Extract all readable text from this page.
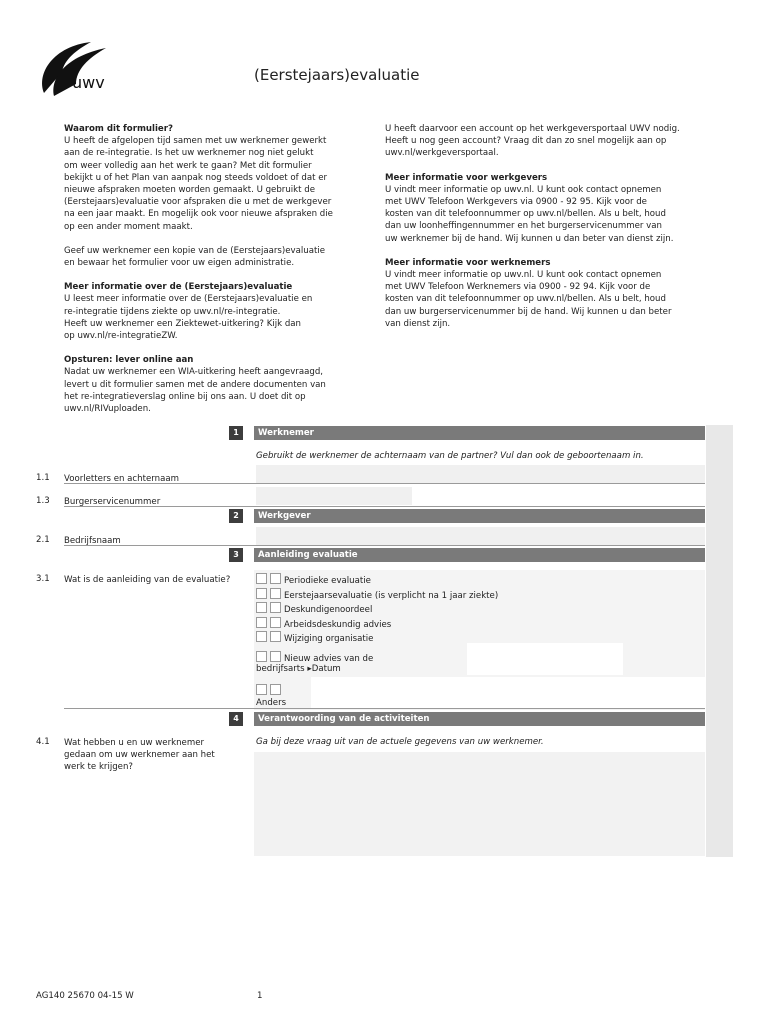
uwv	(Eerstejaars)evaluatie

Waarom dit formulier?
U heeft de afgelopen tijd samen met uw werknemer gewerkt
aan de re-integratie. Is het uw werknemer nog niet gelukt
om weer volledig aan het werk te gaan? Met dit formulier
bekijkt u of het Plan van aanpak nog steeds voldoet of dat er
nieuwe afspraken moeten worden gemaakt. U gebruikt de
(Eerstejaars)evaluatie voor afspraken die u met de werkgever
na een jaar maakt. En mogelijk ook voor nieuwe afspraken die
op een ander moment maakt.

Geef uw werknemer een kopie van de (Eerstejaars)evaluatie
en bewaar het formulier voor uw eigen administratie.

Meer informatie over de (Eerstejaars)evaluatie
U leest meer informatie over de (Eerstejaars)evaluatie en
re-integratie tijdens ziekte op uwv.nl/re-integratie.
Heeft uw werknemer een Ziektewet-uitkering? Kijk dan
op uwv.nl/re-integratieZW.

Opsturen: lever online aan
Nadat uw werknemer een WIA-uitkering heeft aangevraagd,
levert u dit formulier samen met de andere documenten van
het re-integratieverslag online bij ons aan. U doet dit op
uwv.nl/RIVuploaden.

U heeft daarvoor een account op het werkgeversportaal UWV nodig.
Heeft u nog geen account? Vraag dit dan zo snel mogelijk aan op
uwv.nl/werkgeversportaal.

Meer informatie voor werkgevers
U vindt meer informatie op uwv.nl. U kunt ook contact opnemen
met UWV Telefoon Werkgevers via 0900 - 92 95. Kijk voor de
kosten van dit telefoonnummer op uwv.nl/bellen. Als u belt, houd
dan uw loonheffingennummer en het burgerservicenummer van
uw werknemer bij de hand. Wij kunnen u dan beter van dienst zijn.

Meer informatie voor werknemers
U vindt meer informatie op uwv.nl. U kunt ook contact opnemen
met UWV Telefoon Werknemers via 0900 - 92 94. Kijk voor de
kosten van dit telefoonnummer op uwv.nl/bellen. Als u belt, houd
dan uw burgerservicenummer bij de hand. Wij kunnen u dan beter
van dienst zijn.

1	Werknemer
Gebruikt de werknemer de achternaam van de partner? Vul dan ook de geboortenaam in.
1.1 Voorletters en achternaam
1.3 Burgerservicenummer
2	Werkgever
2.1 Bedrijfsnaam
3	Aanleiding evaluatie
3.1 Wat is de aanleiding van de evaluatie?	Periodieke evaluatie
Eerstejaarsevaluatie (is verplicht na 1 jaar ziekte)
Deskundigenoordeel
Arbeidsdeskundig advies
Wijziging organisatie
Nieuw advies van de
bedrijfsarts ▸Datum
Anders
4	Verantwoording van de activiteiten
Ga bij deze vraag uit van de actuele gegevens van uw werknemer.
4.1 Wat hebben u en uw werknemer
gedaan om uw werknemer aan het
werk te krijgen?
AG140 25670 04-15 W	1
